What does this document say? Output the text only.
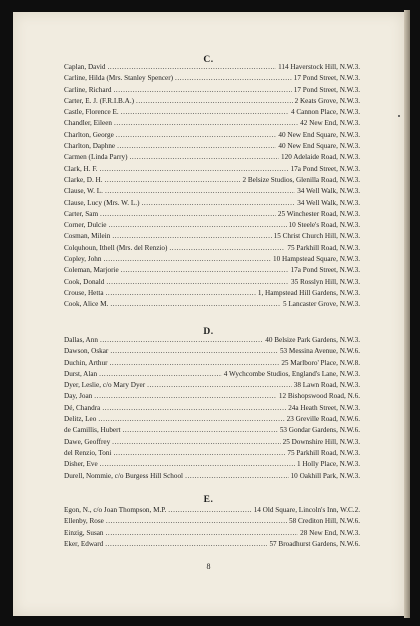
C.
Caplan, David .....	114 Haverstock Hill, N.W.3.
Carline, Hilda (Mrs. Stanley Spencer) .....	17 Pond Street, N.W.3.
Carline, Richard .....	17 Pond Street, N.W.3.
Carter, E. J. (F.R.I.B.A.) .....	2 Keats Grove, N.W.3.
Castle, Florence E. .....	4 Cannon Place, N.W.3.
Chandler, Eileen .....	42 New End, N.W.3.
Charlton, George .....	40 New End Square, N.W.3.
Charlton, Daphne .....	40 New End Square, N.W.3.
Carmen (Linda Parry) .....	120 Adelaide Road, N.W.3.
Clark, H. F. .....	17a Pond Street, N.W.3.
Clarke, D. H. .....	2 Belsize Studios, Glenilla Road, N.W.3.
Clause, W. L. .....	34 Well Walk, N.W.3.
Clause, Lucy (Mrs. W. L.) .....	34 Well Walk, N.W.3.
Carter, Sam .....	25 Winchester Road, N.W.3.
Corner, Dulcie .....	10 Steele's Road, N.W.3.
Cosman, Milein .....	15 Christ Church Hill, N.W.3.
Colquhoun, Ithell (Mrs. del Renzio) .....	75 Parkhill Road, N.W.3.
Copley, John .....	10 Hampstead Square, N.W.3.
Coleman, Marjorie .....	17a Pond Street, N.W.3.
Cook, Donald .....	35 Rosslyn Hill, N.W.3.
Crouse, Hetta .....	1, Hampstead Hill Gardens, N.W.3.
Cook, Alice M. .....	5 Lancaster Grove, N.W.3.
D.
Dallas, Ann .....	40 Belsize Park Gardens, N.W.3.
Dawson, Oskar .....	53 Messina Avenue, N.W.6.
Duchin, Arthur .....	25 Marlboro' Place, N.W.8.
Durst, Alan .....	4 Wychcombe Studios, England's Lane, N.W.3.
Dyer, Leslie, c/o Mary Dyer .....	38 Lawn Road, N.W.3.
Day, Joan .....	12 Bishopswood Road, N.6.
Dé, Chandra .....	24a Heath Street, N.W.3.
Delitz, Leo .....	23 Greville Road, N.W.6.
de Camillis, Hubert .....	53 Gondar Gardens, N.W.6.
Dawe, Geoffrey .....	25 Downshire Hill, N.W.3.
del Renzio, Toni .....	75 Parkhill Road, N.W.3.
Disher, Eve .....	1 Holly Place, N.W.3.
Durell, Nommie, c/o Burgess Hill School .....	10 Oakhill Park, N.W.3.
E.
Egon, N., c/o Joan Thompson, M.P. .....	14 Old Square, Lincoln's Inn, W.C.2.
Ellenby, Rose .....	58 Crediton Hill, N.W.6.
Einzig, Susan .....	28 New End, N.W.3.
Eker, Edward .....	57 Broadhurst Gardens, N.W.6.
8
